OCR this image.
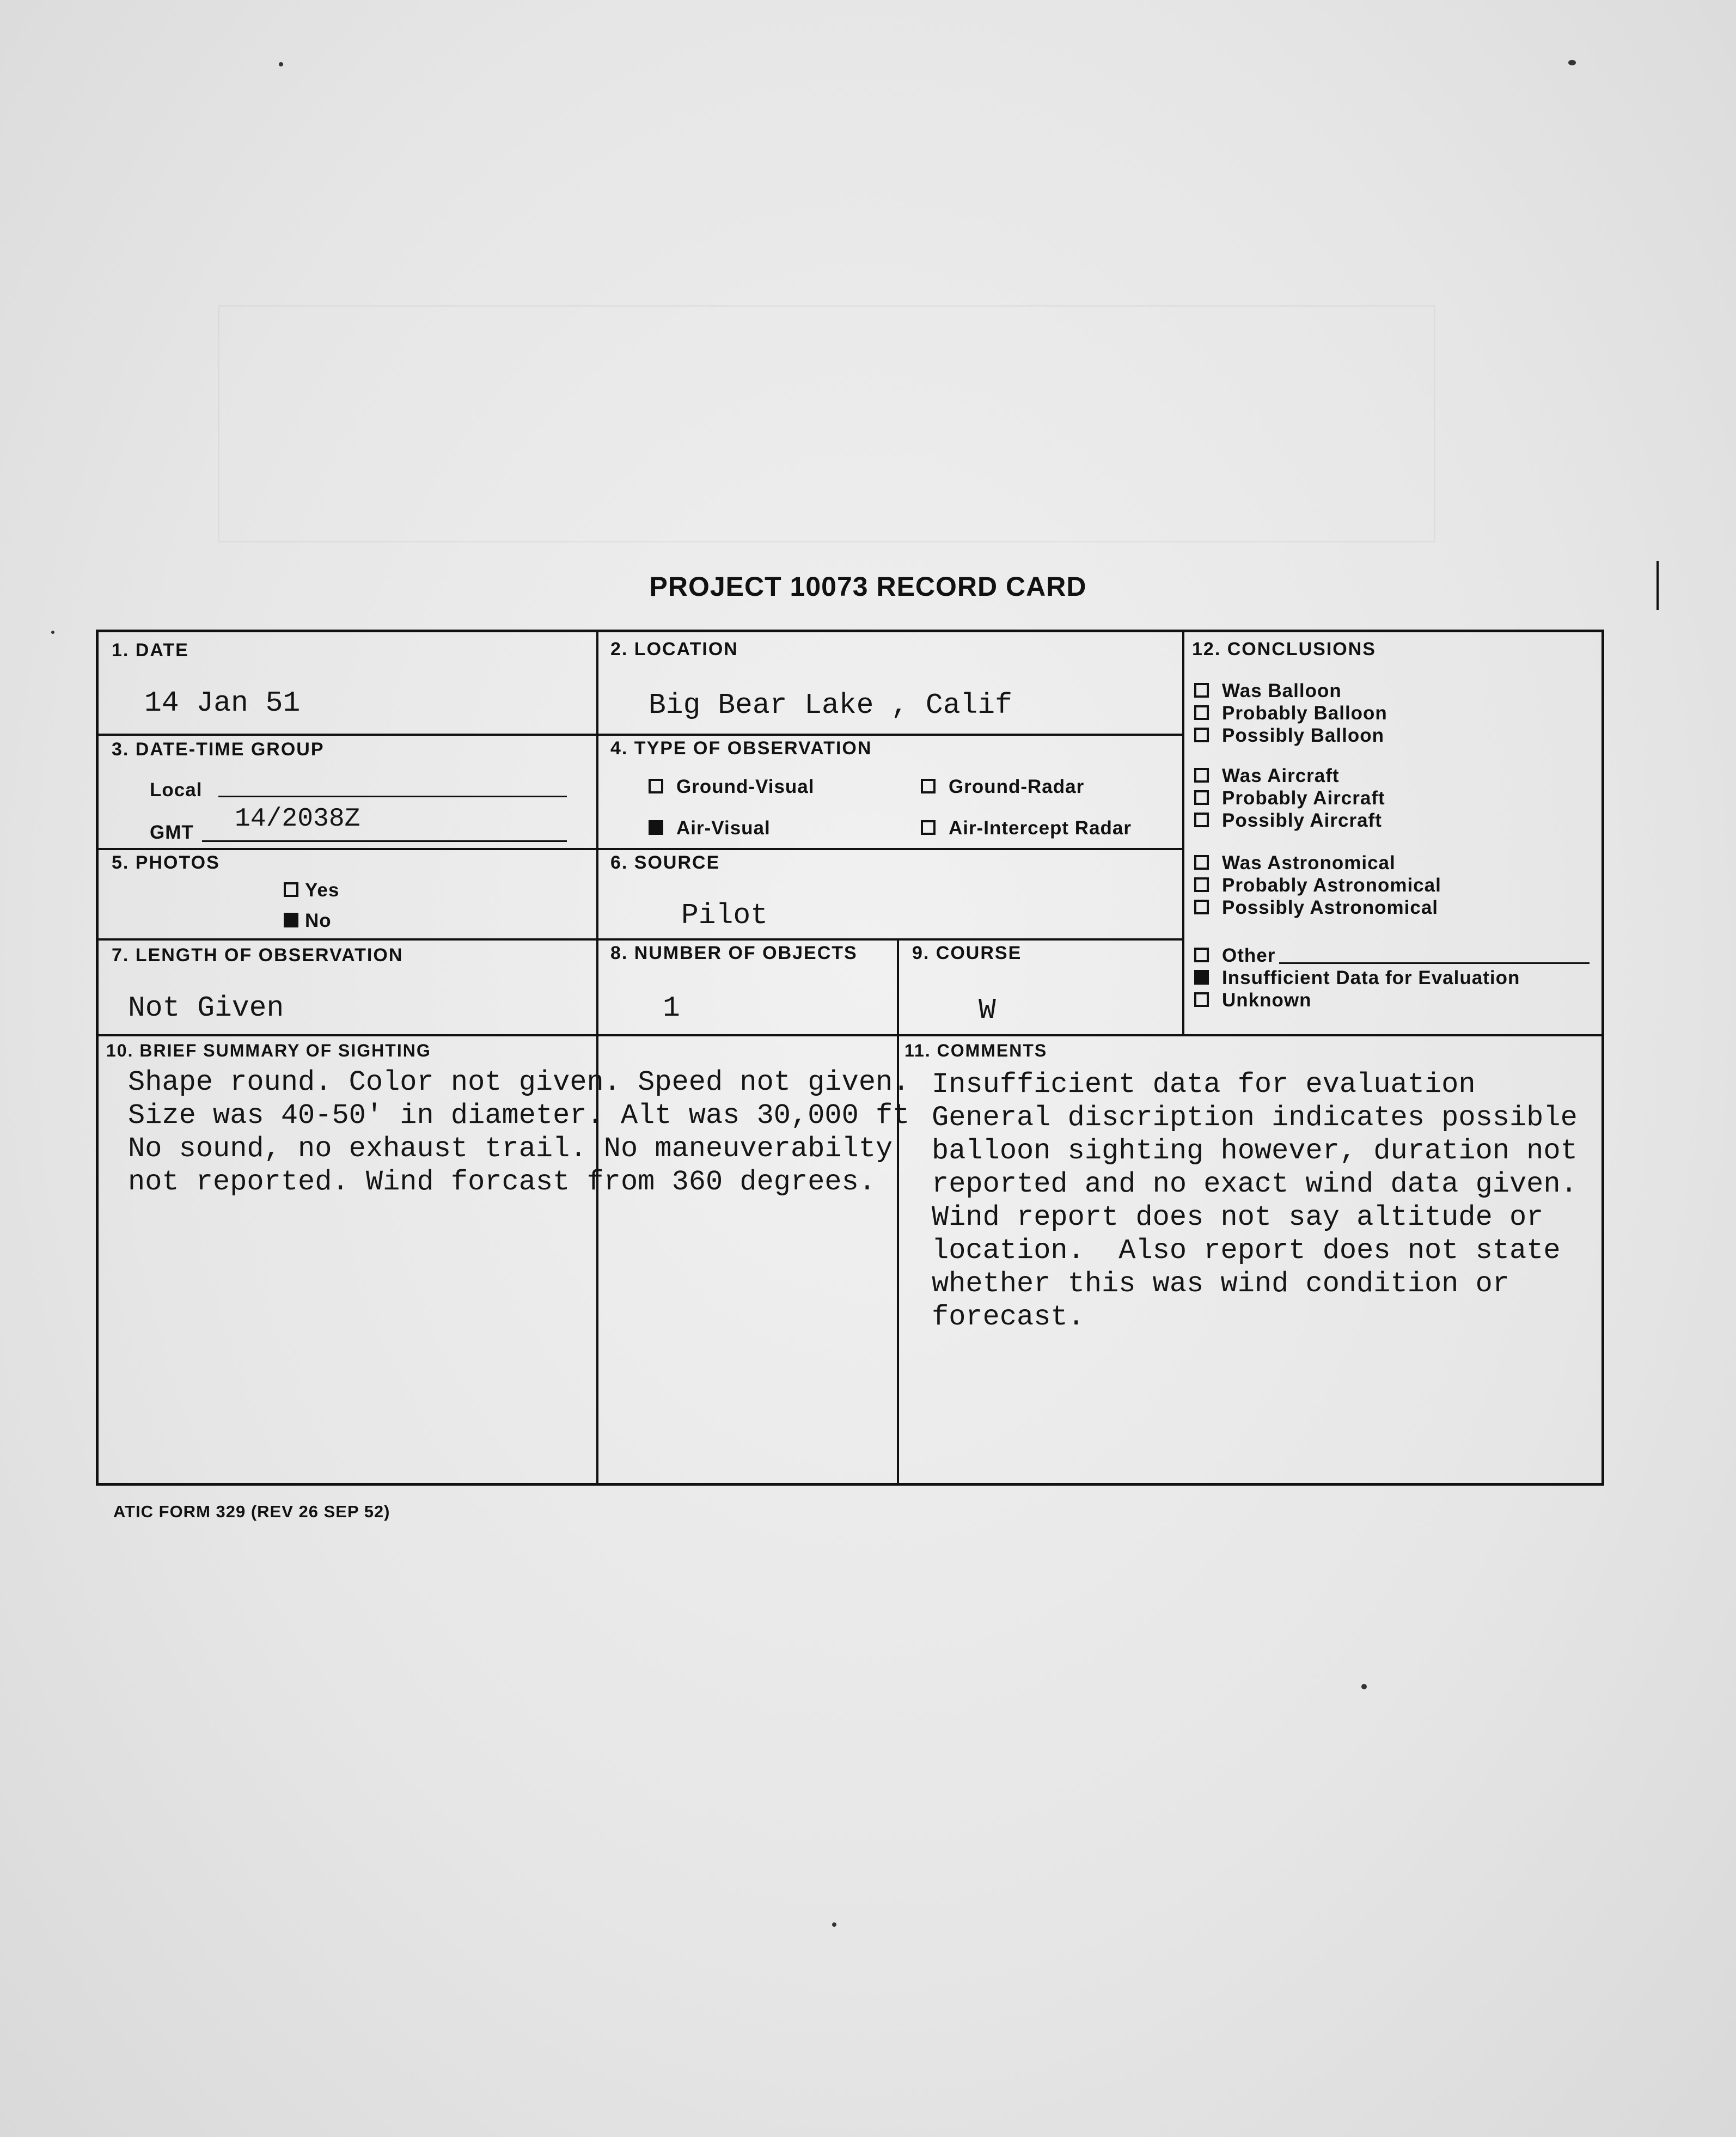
PROJECT 10073 RECORD CARD
1. DATE
14 Jan 51
2. LOCATION
Big Bear Lake , Calif
3. DATE-TIME GROUP
Local
GMT 14/2038Z
4. TYPE OF OBSERVATION
Ground-Visual	Ground-Radar
Air-Visual	Air-Intercept Radar
5. PHOTOS
Yes
No
6. SOURCE
Pilot
7. LENGTH OF OBSERVATION
Not Given
8. NUMBER OF OBJECTS
1
9. COURSE
W
12. CONCLUSIONS
Was Balloon
Probably Balloon
Possibly Balloon
Was Aircraft
Probably Aircraft
Possibly Aircraft
Was Astronomical
Probably Astronomical
Possibly Astronomical
Other
Insufficient Data for Evaluation
Unknown
10. BRIEF SUMMARY OF SIGHTING
Shape round. Color not given. Speed not given.
Size was 40-50' in diameter. Alt was 30,000 ft
No sound, no exhaust trail. No maneuverabilty
not reported. Wind forcast from 360 degrees.
11. COMMENTS
Insufficient data for evaluation
General discription indicates possible
balloon sighting however, duration not
reported and no exact wind data given.
Wind report does not say altitude or
location.  Also report does not state
whether this was wind condition or
forecast.
ATIC FORM 329 (REV 26 SEP 52)
